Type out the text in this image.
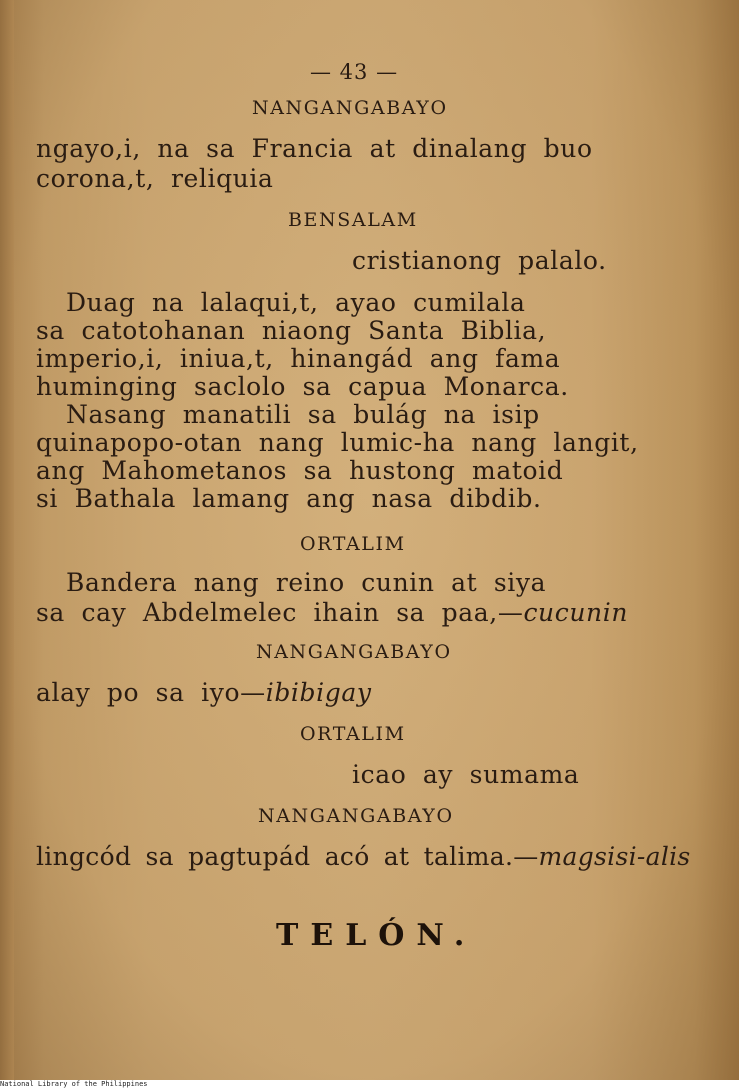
— 43 —
NANGANGABAYO
ngayo,i, na sa Francia at dinalang buo
corona,t, reliquia
BENSALAM
cristianong palalo.
Duag na lalaqui,t, ayao cumilala
sa catotohanan niaong Santa Biblia,
imperio,i, iniua,t, hinangád ang fama
huminging saclolo sa capua Monarca.
Nasang manatili sa bulág na isip
quinapopo-otan nang lumic-ha nang langit,
ang Mahometanos sa hustong matoid
si Bathala lamang ang nasa dibdib.
ORTALIM
Bandera nang reino cunin at siya
sa cay Abdelmelec ihain sa paa,—cucunin
NANGANGABAYO
alay po sa iyo—ibibigay
ORTALIM
icao ay sumama
NANGANGABAYO
lingcód sa pagtupád acó at talima.—magsisi-alis
TELÓN.
National Library of the Philippines
